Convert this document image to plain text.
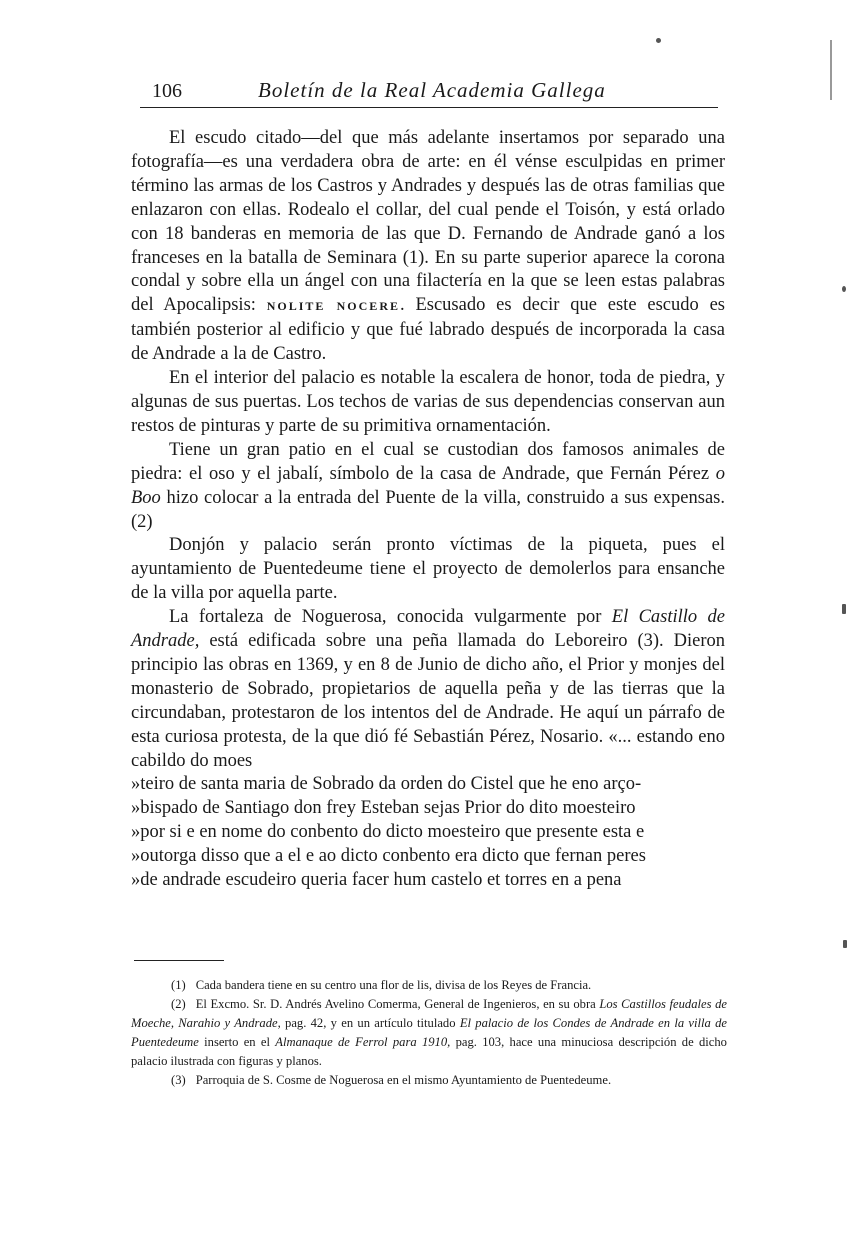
106	Boletín de la Real Academia Gallega

El escudo citado—del que más adelante insertamos por separado una fotografía—es una verdadera obra de arte: en él vénse esculpidas en primer término las armas de los Castros y Andrades y después las de otras familias que enlazaron con ellas. Rodealo el collar, del cual pende el Toisón, y está orlado con 18 banderas en memoria de las que D. Fernando de Andrade ganó a los franceses en la batalla de Seminara (1). En su parte superior aparece la corona condal y sobre ella un ángel con una filactería en la que se leen estas palabras del Apocalipsis: NOLITE NOCERE. Escusado es decir que este escudo es también posterior al edificio y que fué labrado después de incorporada la casa de Andrade a la de Castro.

En el interior del palacio es notable la escalera de honor, toda de piedra, y algunas de sus puertas. Los techos de varias de sus dependencias conservan aun restos de pinturas y parte de su primitiva ornamentación.

Tiene un gran patio en el cual se custodian dos famosos animales de piedra: el oso y el jabalí, símbolo de la casa de Andrade, que Fernán Pérez o Boo hizo colocar a la entrada del Puente de la villa, construido a sus expensas. (2)

Donjón y palacio serán pronto víctimas de la piqueta, pues el ayuntamiento de Puentedeume tiene el proyecto de demolerlos para ensanche de la villa por aquella parte.

La fortaleza de Noguerosa, conocida vulgarmente por El Castillo de Andrade, está edificada sobre una peña llamada do Leboreiro (3). Dieron principio las obras en 1369, y en 8 de Junio de dicho año, el Prior y monjes del monasterio de Sobrado, propietarios de aquella peña y de las tierras que la circundaban, protestaron de los intentos del de Andrade. He aquí un párrafo de esta curiosa protesta, de la que dió fé Sebastián Pérez, Nosario. «... estando eno cabildo do moes

»teiro de santa maria de Sobrado da orden do Cistel que he eno arço-
»bispado de Santiago don frey Esteban sejas Prior do dito moesteiro
»por si e en nome do conbento do dicto moesteiro que presente esta e
»outorga disso que a el e ao dicto conbento era dicto que fernan peres
»de andrade escudeiro queria facer hum castelo et torres en a pena

(1) Cada bandera tiene en su centro una flor de lis, divisa de los Reyes de Francia.

(2) El Excmo. Sr. D. Andrés Avelino Comerma, General de Ingenieros, en su obra Los Castillos feudales de Moeche, Narahio y Andrade, pag. 42, y en un artículo titulado El palacio de los Condes de Andrade en la villa de Puentedeume inserto en el Almanaque de Ferrol para 1910, pag. 103, hace una minuciosa descripción de dicho palacio ilustrada con figuras y planos.

(3) Parroquia de S. Cosme de Noguerosa en el mismo Ayuntamiento de Puentedeume.
